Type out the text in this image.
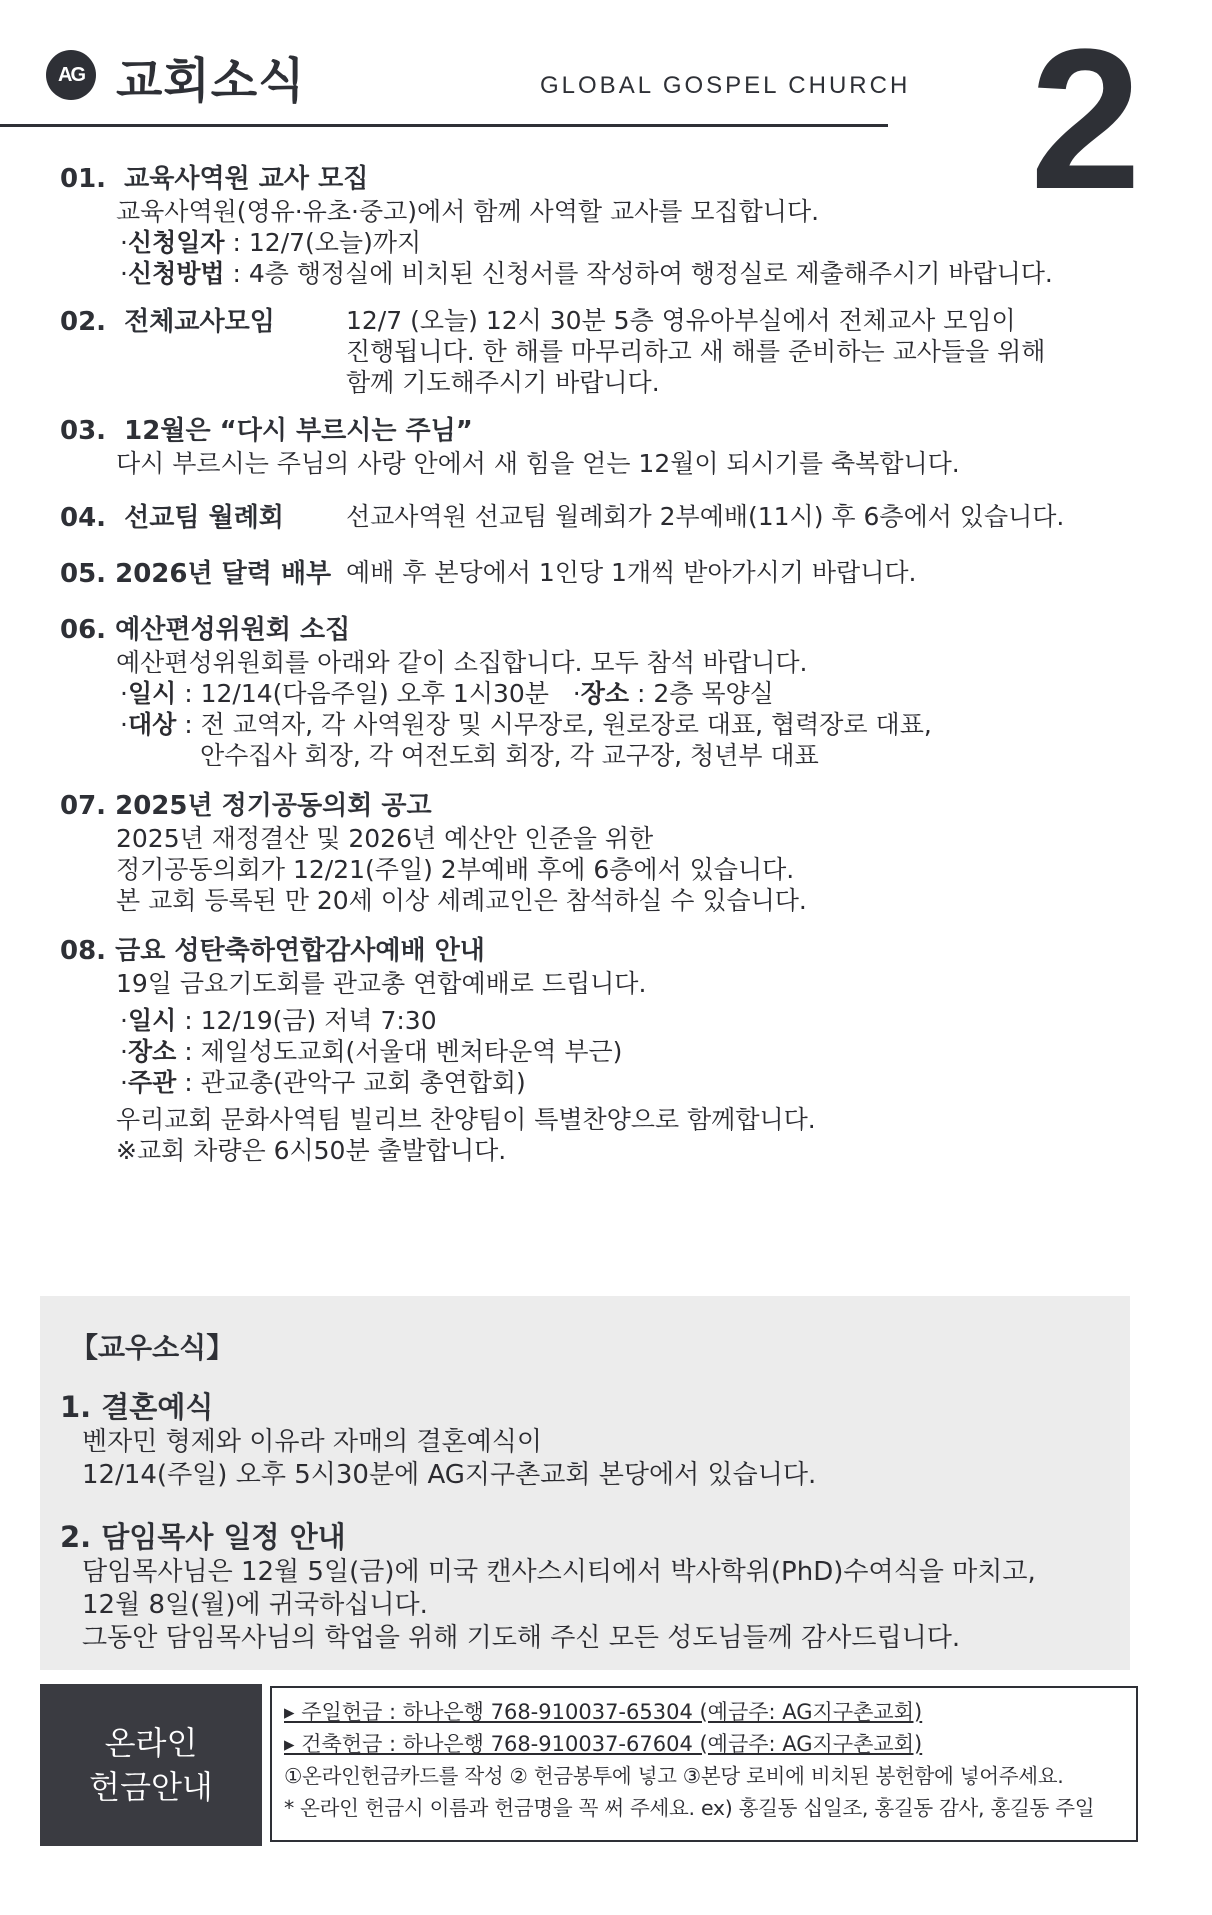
AG 교회소식	GLOBAL GOSPEL CHURCH 2
01. 교육사역원 교사 모집
교육사역원(영유·유초·중고)에서 함께 사역할 교사를 모집합니다.
·신청일자 : 12/7(오늘)까지
·신청방법 : 4층 행정실에 비치된 신청서를 작성하여 행정실로 제출해주시기 바랍니다.
02. 전체교사모임	12/7 (오늘) 12시 30분 5층 영유아부실에서 전체교사 모임이
진행됩니다. 한 해를 마무리하고 새 해를 준비하는 교사들을 위해
함께 기도해주시기 바랍니다.
03. 12월은 “다시 부르시는 주님”
다시 부르시는 주님의 사랑 안에서 새 힘을 얻는 12월이 되시기를 축복합니다.
04. 선교팀 월례회	선교사역원 선교팀 월례회가 2부예배(11시) 후 6층에서 있습니다.
05. 2026년 달력 배부 예배 후 본당에서 1인당 1개씩 받아가시기 바랍니다.
06. 예산편성위원회 소집
예산편성위원회를 아래와 같이 소집합니다. 모두 참석 바랍니다.
·일시 : 12/14(다음주일) 오후 1시30분   ·장소 : 2층 목양실
·대상 : 전 교역자, 각 사역원장 및 시무장로, 원로장로 대표, 협력장로 대표,
안수집사 회장, 각 여전도회 회장, 각 교구장, 청년부 대표
07. 2025년 정기공동의회 공고
2025년 재정결산 및 2026년 예산안 인준을 위한
정기공동의회가 12/21(주일) 2부예배 후에 6층에서 있습니다.
본 교회 등록된 만 20세 이상 세례교인은 참석하실 수 있습니다.
08. 금요 성탄축하연합감사예배 안내
19일 금요기도회를 관교총 연합예배로 드립니다.
·일시 : 12/19(금) 저녁 7:30
·장소 : 제일성도교회(서울대 벤처타운역 부근)
·주관 : 관교총(관악구 교회 총연합회)
우리교회 문화사역팀 빌리브 찬양팀이 특별찬양으로 함께합니다.
※교회 차량은 6시50분 출발합니다.
【교우소식】
1. 결혼예식
벤자민 형제와 이유라 자매의 결혼예식이
12/14(주일) 오후 5시30분에 AG지구촌교회 본당에서 있습니다.
2. 담임목사 일정 안내
담임목사님은 12월 5일(금)에 미국 캔사스시티에서 박사학위(PhD)수여식을 마치고,
12월 8일(월)에 귀국하십니다.
그동안 담임목사님의 학업을 위해 기도해 주신 모든 성도님들께 감사드립니다.
온라인
헌금안내
▸ 주일헌금 : 하나은행 768-910037-65304 (예금주: AG지구촌교회)
▸ 건축헌금 : 하나은행 768-910037-67604 (예금주: AG지구촌교회)
①온라인헌금카드를 작성 ② 헌금봉투에 넣고 ③본당 로비에 비치된 봉헌함에 넣어주세요.
* 온라인 헌금시 이름과 헌금명을 꼭 써 주세요. ex) 홍길동 십일조, 홍길동 감사, 홍길동 주일
